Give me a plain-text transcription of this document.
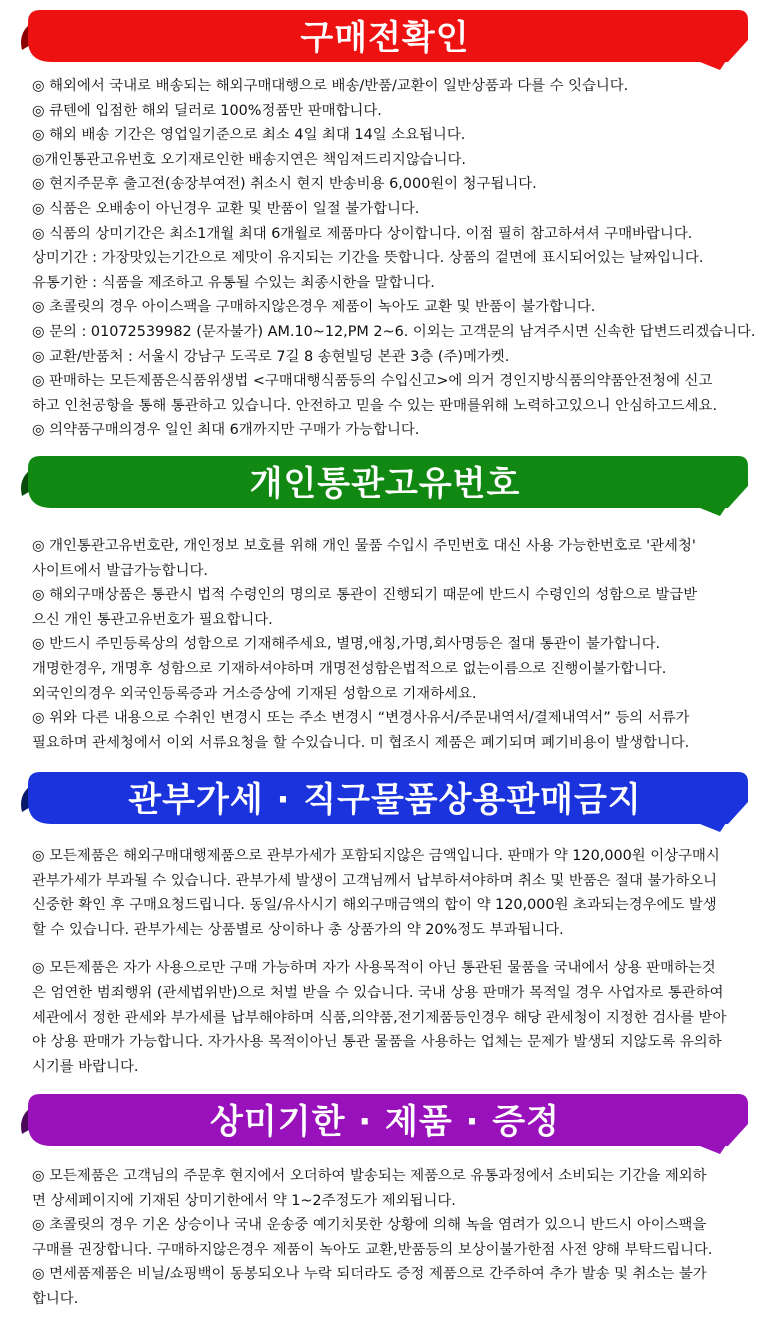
구매전확인

◎ 해외에서 국내로 배송되는 해외구매대행으로 배송/반품/교환이 일반상품과 다를 수 잇습니다.

◎ 큐텐에 입점한 해외 딜러로 100%정품만 판매합니다.

◎ 해외 배송 기간은 영업일기준으로 최소 4일 최대 14일 소요됩니다.

◎개인통관고유번호 오기재로인한 배송지연은 책임져드리지않습니다.

◎ 현지주문후 출고전(송장부여전) 취소시 현지 반송비용 6,000원이 청구됩니다.

◎ 식품은 오배송이 아닌경우 교환 및 반품이 일절 불가합니다.

◎ 식품의 상미기간은 최소1개월 최대 6개월로 제품마다 상이합니다. 이점 필히 참고하셔셔 구매바랍니다.

상미기간 : 가장맛있는기간으로 제맛이 유지되는 기간을 뜻합니다. 상품의 겉면에 표시되어있는 날짜입니다.

유통기한 : 식품을 제조하고 유통될 수있는 최종시한을 말합니다.

◎ 초콜릿의 경우 아이스팩을 구매하지않은경우 제품이 녹아도 교환 및 반품이 불가합니다.

◎ 문의 : 01072539982 (문자불가) AM.10~12,PM 2~6. 이외는 고객문의 남겨주시면 신속한 답변드리겠습니다.

◎ 교환/반품처 : 서울시 강남구 도곡로 7길 8 송현빌딩 본관 3층 (주)메가켓.

◎ 판매하는 모든제품은식품위생법 <구매대행식품등의 수입신고>에 의거 경인지방식품의약품안전청에 신고

하고 인천공항을 통해 통관하고 있습니다. 안전하고 믿을 수 있는 판매를위해 노력하고있으니 안심하고드세요.

◎ 의약품구매의경우 일인 최대 6개까지만 구매가 가능합니다.

개인통관고유번호

◎ 개인통관고유번호란, 개인정보 보호를 위해 개인 물품 수입시 주민번호 대신 사용 가능한번호로 '관세청'

사이트에서 발급가능합니다.

◎ 해외구매상품은 통관시 법적 수령인의 명의로 통관이 진행되기 때문에 반드시 수령인의 성함으로 발급받

으신 개인 통관고유번호가 필요합니다.

◎ 반드시 주민등록상의 성함으로 기재해주세요, 별명,애칭,가명,회사명등은 절대 통관이 불가합니다.

개명한경우, 개명후 성함으로 기재하셔야하며 개명전성함은법적으로 없는이름으로 진행이불가합니다.

외국인의경우 외국인등록증과 거소증상에 기재된 성함으로 기재하세요.

◎ 위와 다른 내용으로 수취인 변경시 또는 주소 변경시 “변경사유서/주문내역서/결제내역서” 등의 서류가

필요하며 관세청에서 이외 서류요청을 할 수있습니다. 미 협조시 제품은 폐기되며 폐기비용이 발생합니다.

관부가세 · 직구물품상용판매금지

◎ 모든제품은 해외구매대행제품으로 관부가세가 포함되지않은 금액입니다. 판매가 약 120,000원 이상구매시

관부가세가 부과될 수 있습니다. 관부가세 발생이 고객님께서 납부하셔야하며 취소 및 반품은 절대 불가하오니

신중한 확인 후 구매요청드립니다. 동일/유사시기 해외구매금액의 합이 약 120,000원 초과되는경우에도 발생

할 수 있습니다. 관부가세는 상품별로 상이하나 총 상품가의 약 20%정도 부과됩니다.

◎ 모든제품은 자가 사용으로만 구매 가능하며 자가 사용목적이 아닌 통관된 물품을 국내에서 상용 판매하는것

은 엄연한 범죄행위 (관세법위반)으로 처벌 받을 수 있습니다. 국내 상용 판매가 목적일 경우 사업자로 통관하여

세관에서 정한 관세와 부가세를 납부해야하며 식품,의약품,전기제품등인경우 해당 관세청이 지정한 검사를 받아

야 상용 판매가 가능합니다. 자가사용 목적이아닌 통관 물품을 사용하는 업체는 문제가 발생되 지않도록 유의하

시기를 바랍니다.

상미기한 · 제품 · 증정

◎ 모든제품은 고객님의 주문후 현지에서 오더하여 발송되는 제품으로 유통과정에서 소비되는 기간을 제외하

면 상세페이지에 기재된 상미기한에서 약 1~2주정도가 제외됩니다.

◎ 초콜릿의 경우 기온 상승이나 국내 운송중 예기치못한 상황에 의해 녹을 염려가 있으니 반드시 아이스팩을

구매를 권장합니다. 구매하지않은경우 제품이 녹아도 교환,반품등의 보상이불가한점 사전 양해 부탁드립니다.

◎ 면세품제품은 비닐/쇼핑백이 동봉되오나 누락 되더라도 증정 제품으로 간주하여 추가 발송 및 취소는 불가

합니다.
